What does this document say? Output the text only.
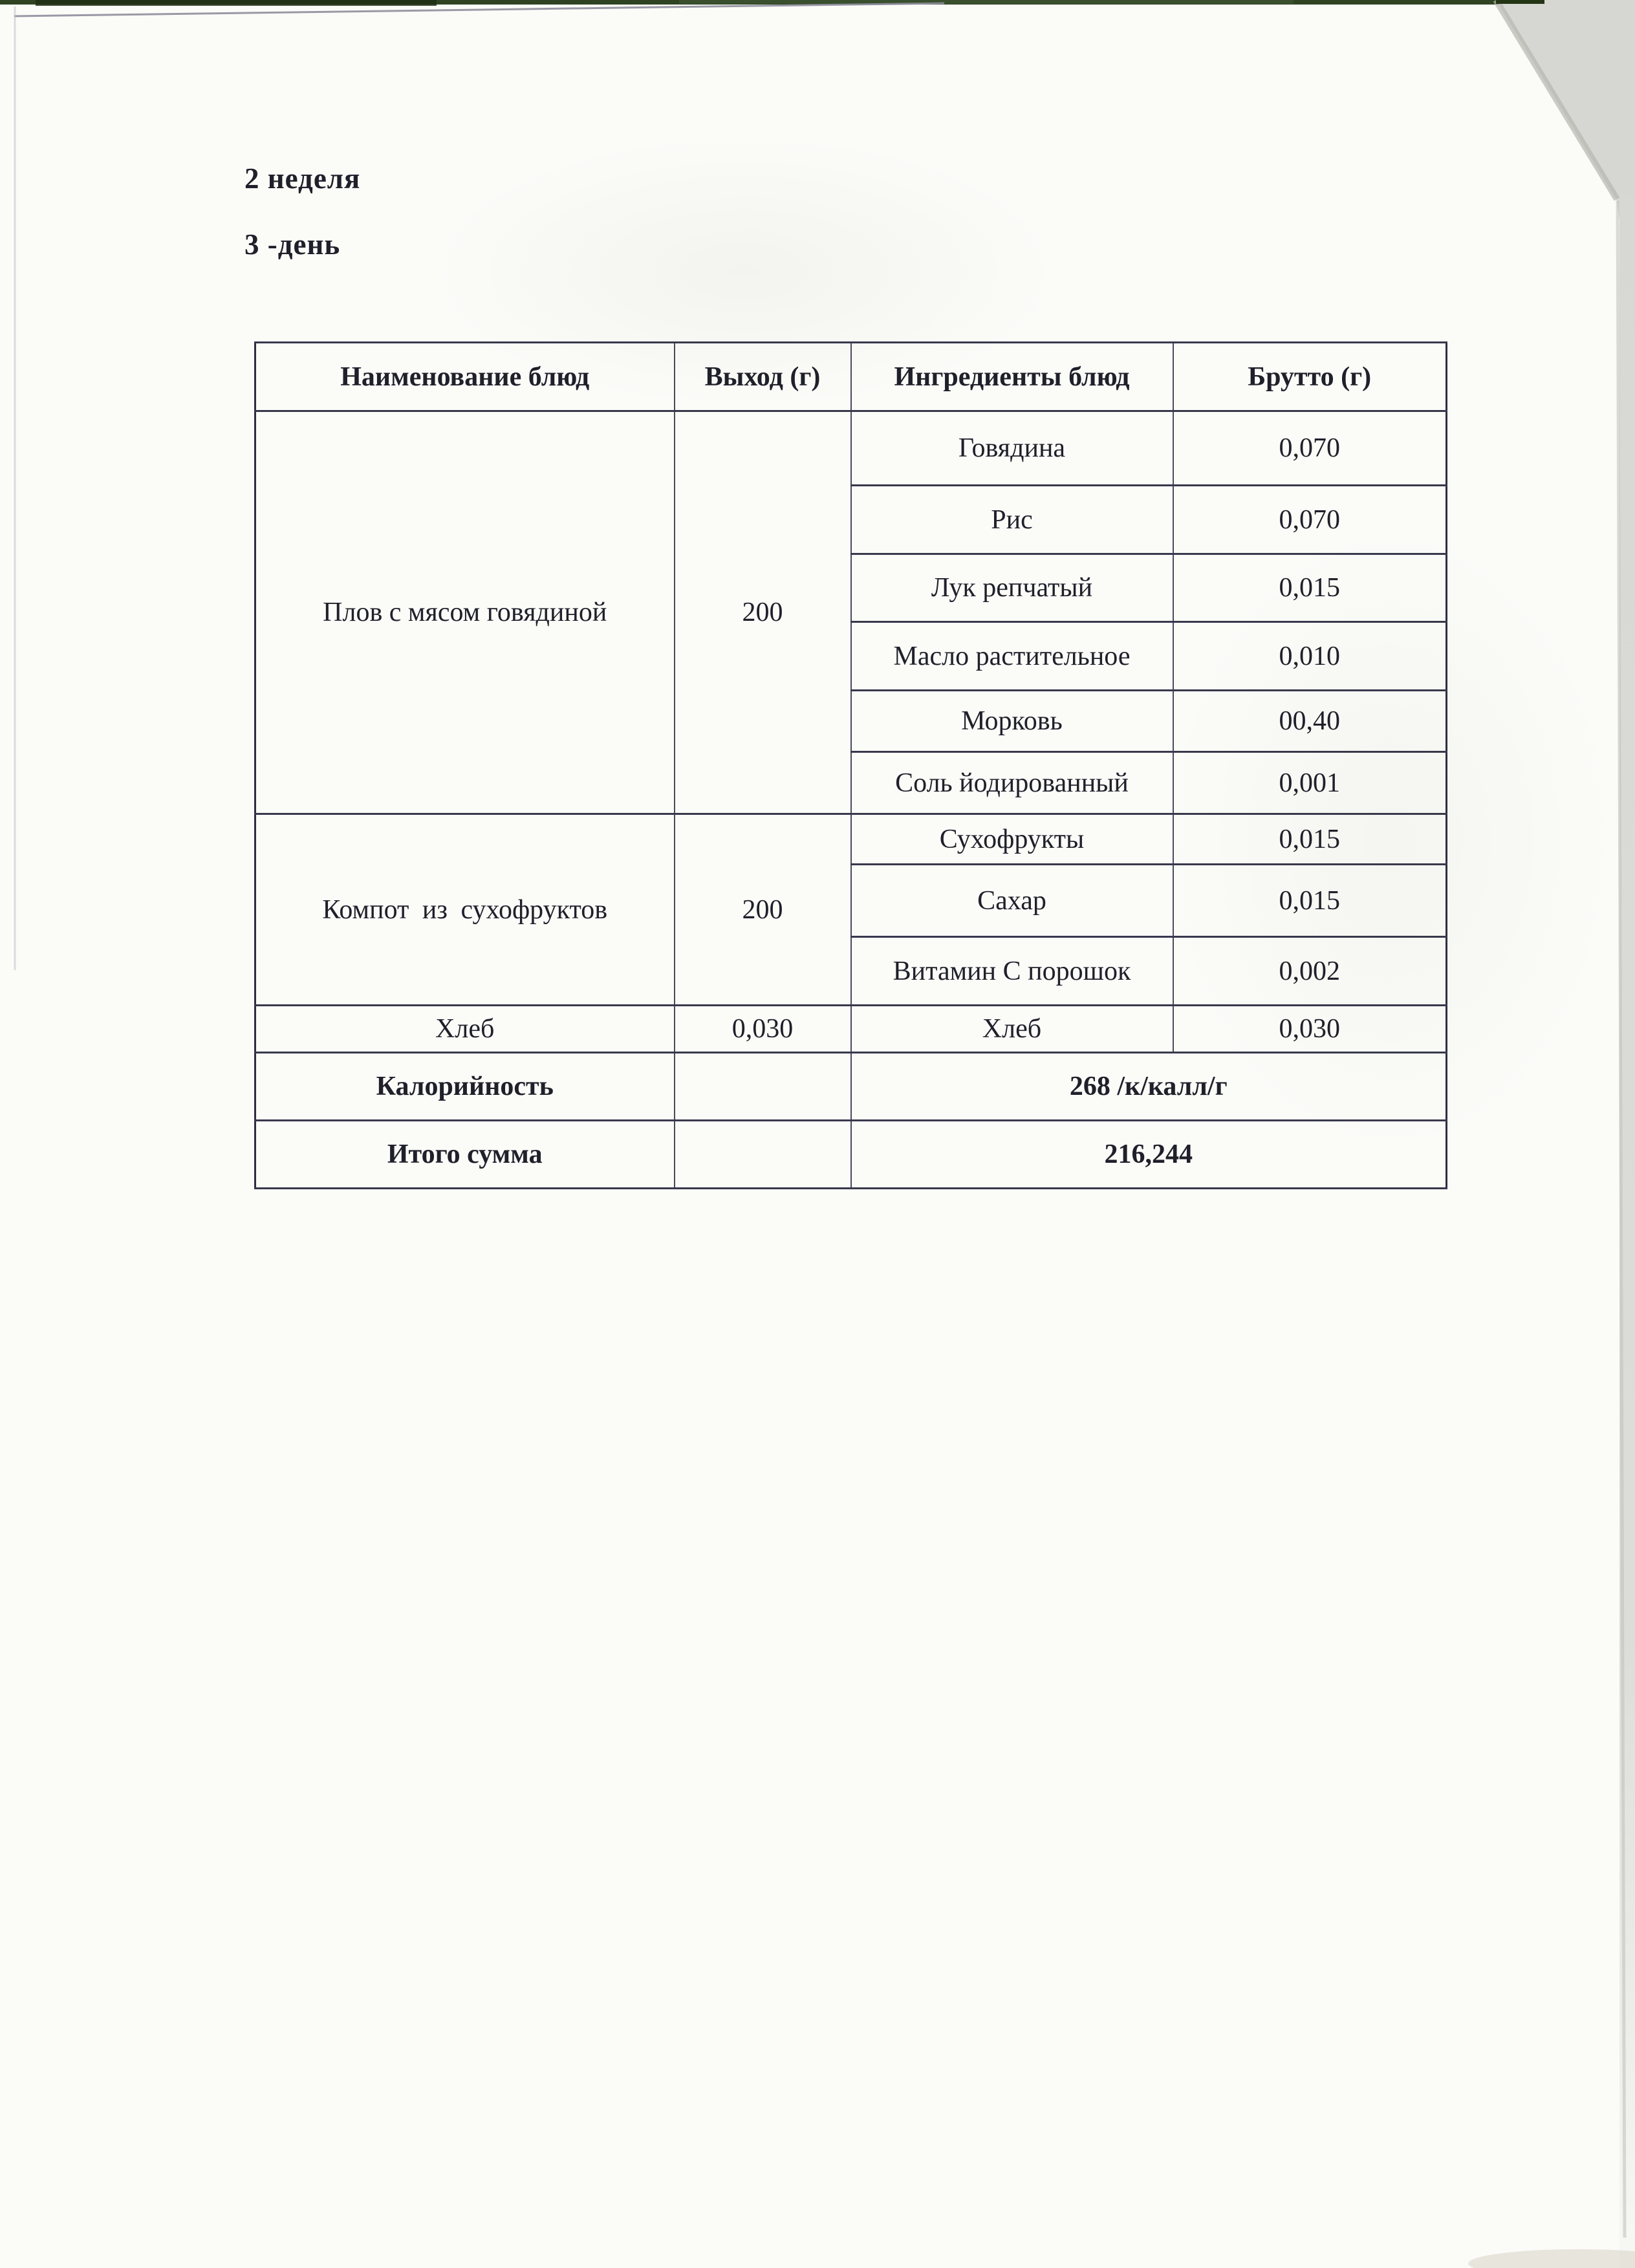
2 неделя
3 -день
Наименование блюд	Выход (г)	Ингредиенты блюд	Брутто (г)
Плов с мясом говядиной	200	Говядина	0,070
		Рис	0,070
		Лук репчатый	0,015
		Масло растительное	0,010
		Морковь	00,40
		Соль йодированный	0,001
Компот из сухофруктов	200	Сухофрукты	0,015
		Сахар	0,015
		Витамин С порошок	0,002
Хлеб	0,030	Хлеб	0,030
Калорийность		268 /к/калл/г	
Итого сумма		216,244	
